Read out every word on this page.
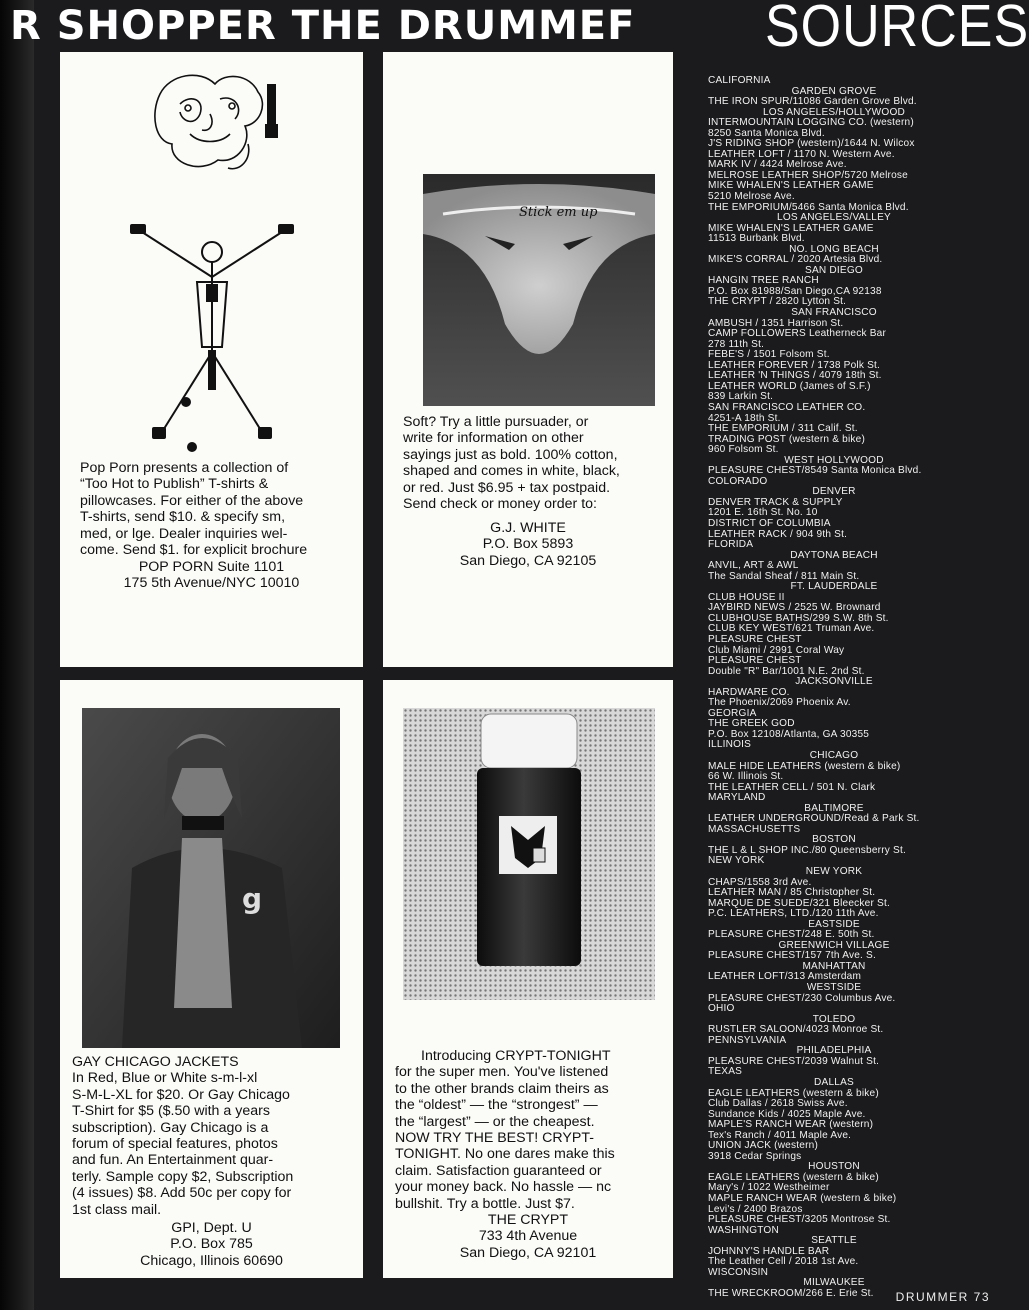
R SHOPPER THE DRUMMEF SOURCES
Pop Porn presents a collection of
“Too Hot to Publish” T-shirts &
pillowcases. For either of the above
T-shirts, send $10. & specify sm,
med, or lge. Dealer inquiries wel-
come. Send $1. for explicit brochure
POP PORN Suite 1101
175 5th Avenue/NYC 10010
Stick em up
Soft? Try a little pursuader, or
write for information on other
sayings just as bold. 100% cotton,
shaped and comes in white, black,
or red. Just $6.95 + tax postpaid.
Send check or money order to:
G.J. WHITE
P.O. Box 5893
San Diego, CA 92105
g
GAY CHICAGO JACKETS
In Red, Blue or White s-m-l-xl
S-M-L-XL for $20. Or Gay Chicago
T-Shirt for $5 ($.50 with a years
subscription). Gay Chicago is a
forum of special features, photos
and fun. An Entertainment quar-
terly. Sample copy $2, Subscription
(4 issues) $8. Add 50c per copy for
1st class mail.
GPI, Dept. U
P.O. Box 785
Chicago, Illinois 60690
Introducing CRYPT-TONIGHT
for the super men. You've listened
to the other brands claim theirs as
the “oldest” — the “strongest” —
the “largest” — or the cheapest.
NOW TRY THE BEST! CRYPT-
TONIGHT. No one dares make this
claim. Satisfaction guaranteed or
your money back. No hassle — nc
bullshit. Try a bottle. Just $7.
THE CRYPT
733 4th Avenue
San Diego, CA 92101
CALIFORNIA
GARDEN GROVE
THE IRON SPUR/11086 Garden Grove Blvd.
LOS ANGELES/HOLLYWOOD
INTERMOUNTAIN LOGGING CO. (western)
8250 Santa Monica Blvd.
J'S RIDING SHOP (western)/1644 N. Wilcox
LEATHER LOFT / 1170 N. Western Ave.
MARK IV / 4424 Melrose Ave.
MELROSE LEATHER SHOP/5720 Melrose
MIKE WHALEN'S LEATHER GAME
5210 Melrose Ave.
THE EMPORIUM/5466 Santa Monica Blvd.
LOS ANGELES/VALLEY
MIKE WHALEN'S LEATHER GAME
11513 Burbank Blvd.
NO. LONG BEACH
MIKE'S CORRAL / 2020 Artesia Blvd.
SAN DIEGO
HANGIN TREE RANCH
P.O. Box 81988/San Diego,CA 92138
THE CRYPT / 2820 Lytton St.
SAN FRANCISCO
AMBUSH / 1351 Harrison St.
CAMP FOLLOWERS Leatherneck Bar
278 11th St.
FEBE'S / 1501 Folsom St.
LEATHER FOREVER / 1738 Polk St.
LEATHER 'N THINGS / 4079 18th St.
LEATHER WORLD (James of S.F.)
839 Larkin St.
SAN FRANCISCO LEATHER CO.
4251-A 18th St.
THE EMPORIUM / 311 Calif. St.
TRADING POST (western & bike)
960 Folsom St.
WEST HOLLYWOOD
PLEASURE CHEST/8549 Santa Monica Blvd.
COLORADO
DENVER
DENVER TRACK & SUPPLY
1201 E. 16th St. No. 10
DISTRICT OF COLUMBIA
LEATHER RACK / 904 9th St.
FLORIDA
DAYTONA BEACH
ANVIL, ART & AWL
The Sandal Sheaf / 811 Main St.
FT. LAUDERDALE
CLUB HOUSE II
JAYBIRD NEWS / 2525 W. Brownard
CLUBHOUSE BATHS/299 S.W. 8th St.
CLUB KEY WEST/621 Truman Ave.
PLEASURE CHEST
Club Miami / 2991 Coral Way
PLEASURE CHEST
Double "R" Bar/1001 N.E. 2nd St.
JACKSONVILLE
HARDWARE CO.
The Phoenix/2069 Phoenix Av.
GEORGIA
THE GREEK GOD
P.O. Box 12108/Atlanta, GA 30355
ILLINOIS
CHICAGO
MALE HIDE LEATHERS (western & bike)
66 W. Illinois St.
THE LEATHER CELL / 501 N. Clark
MARYLAND
BALTIMORE
LEATHER UNDERGROUND/Read & Park St.
MASSACHUSETTS
BOSTON
THE L & L SHOP INC./80 Queensberry St.
NEW YORK
NEW YORK
CHAPS/1558 3rd Ave.
LEATHER MAN / 85 Christopher St.
MARQUE DE SUEDE/321 Bleecker St.
P.C. LEATHERS, LTD./120 11th Ave.
EASTSIDE
PLEASURE CHEST/248 E. 50th St.
GREENWICH VILLAGE
PLEASURE CHEST/157 7th Ave. S.
MANHATTAN
LEATHER LOFT/313 Amsterdam
WESTSIDE
PLEASURE CHEST/230 Columbus Ave.
OHIO
TOLEDO
RUSTLER SALOON/4023 Monroe St.
PENNSYLVANIA
PHILADELPHIA
PLEASURE CHEST/2039 Walnut St.
TEXAS
DALLAS
EAGLE LEATHERS (western & bike)
Club Dallas / 2618 Swiss Ave.
Sundance Kids / 4025 Maple Ave.
MAPLE'S RANCH WEAR (western)
Tex's Ranch / 4011 Maple Ave.
UNION JACK (western)
3918 Cedar Springs
HOUSTON
EAGLE LEATHERS (western & bike)
Mary's / 1022 Westheimer
MAPLE RANCH WEAR (western & bike)
Levi's / 2400 Brazos
PLEASURE CHEST/3205 Montrose St.
WASHINGTON
SEATTLE
JOHNNY'S HANDLE BAR
The Leather Cell / 2018 1st Ave.
WISCONSIN
MILWAUKEE
THE WRECKROOM/266 E. Erie St.	DRUMMER 73
